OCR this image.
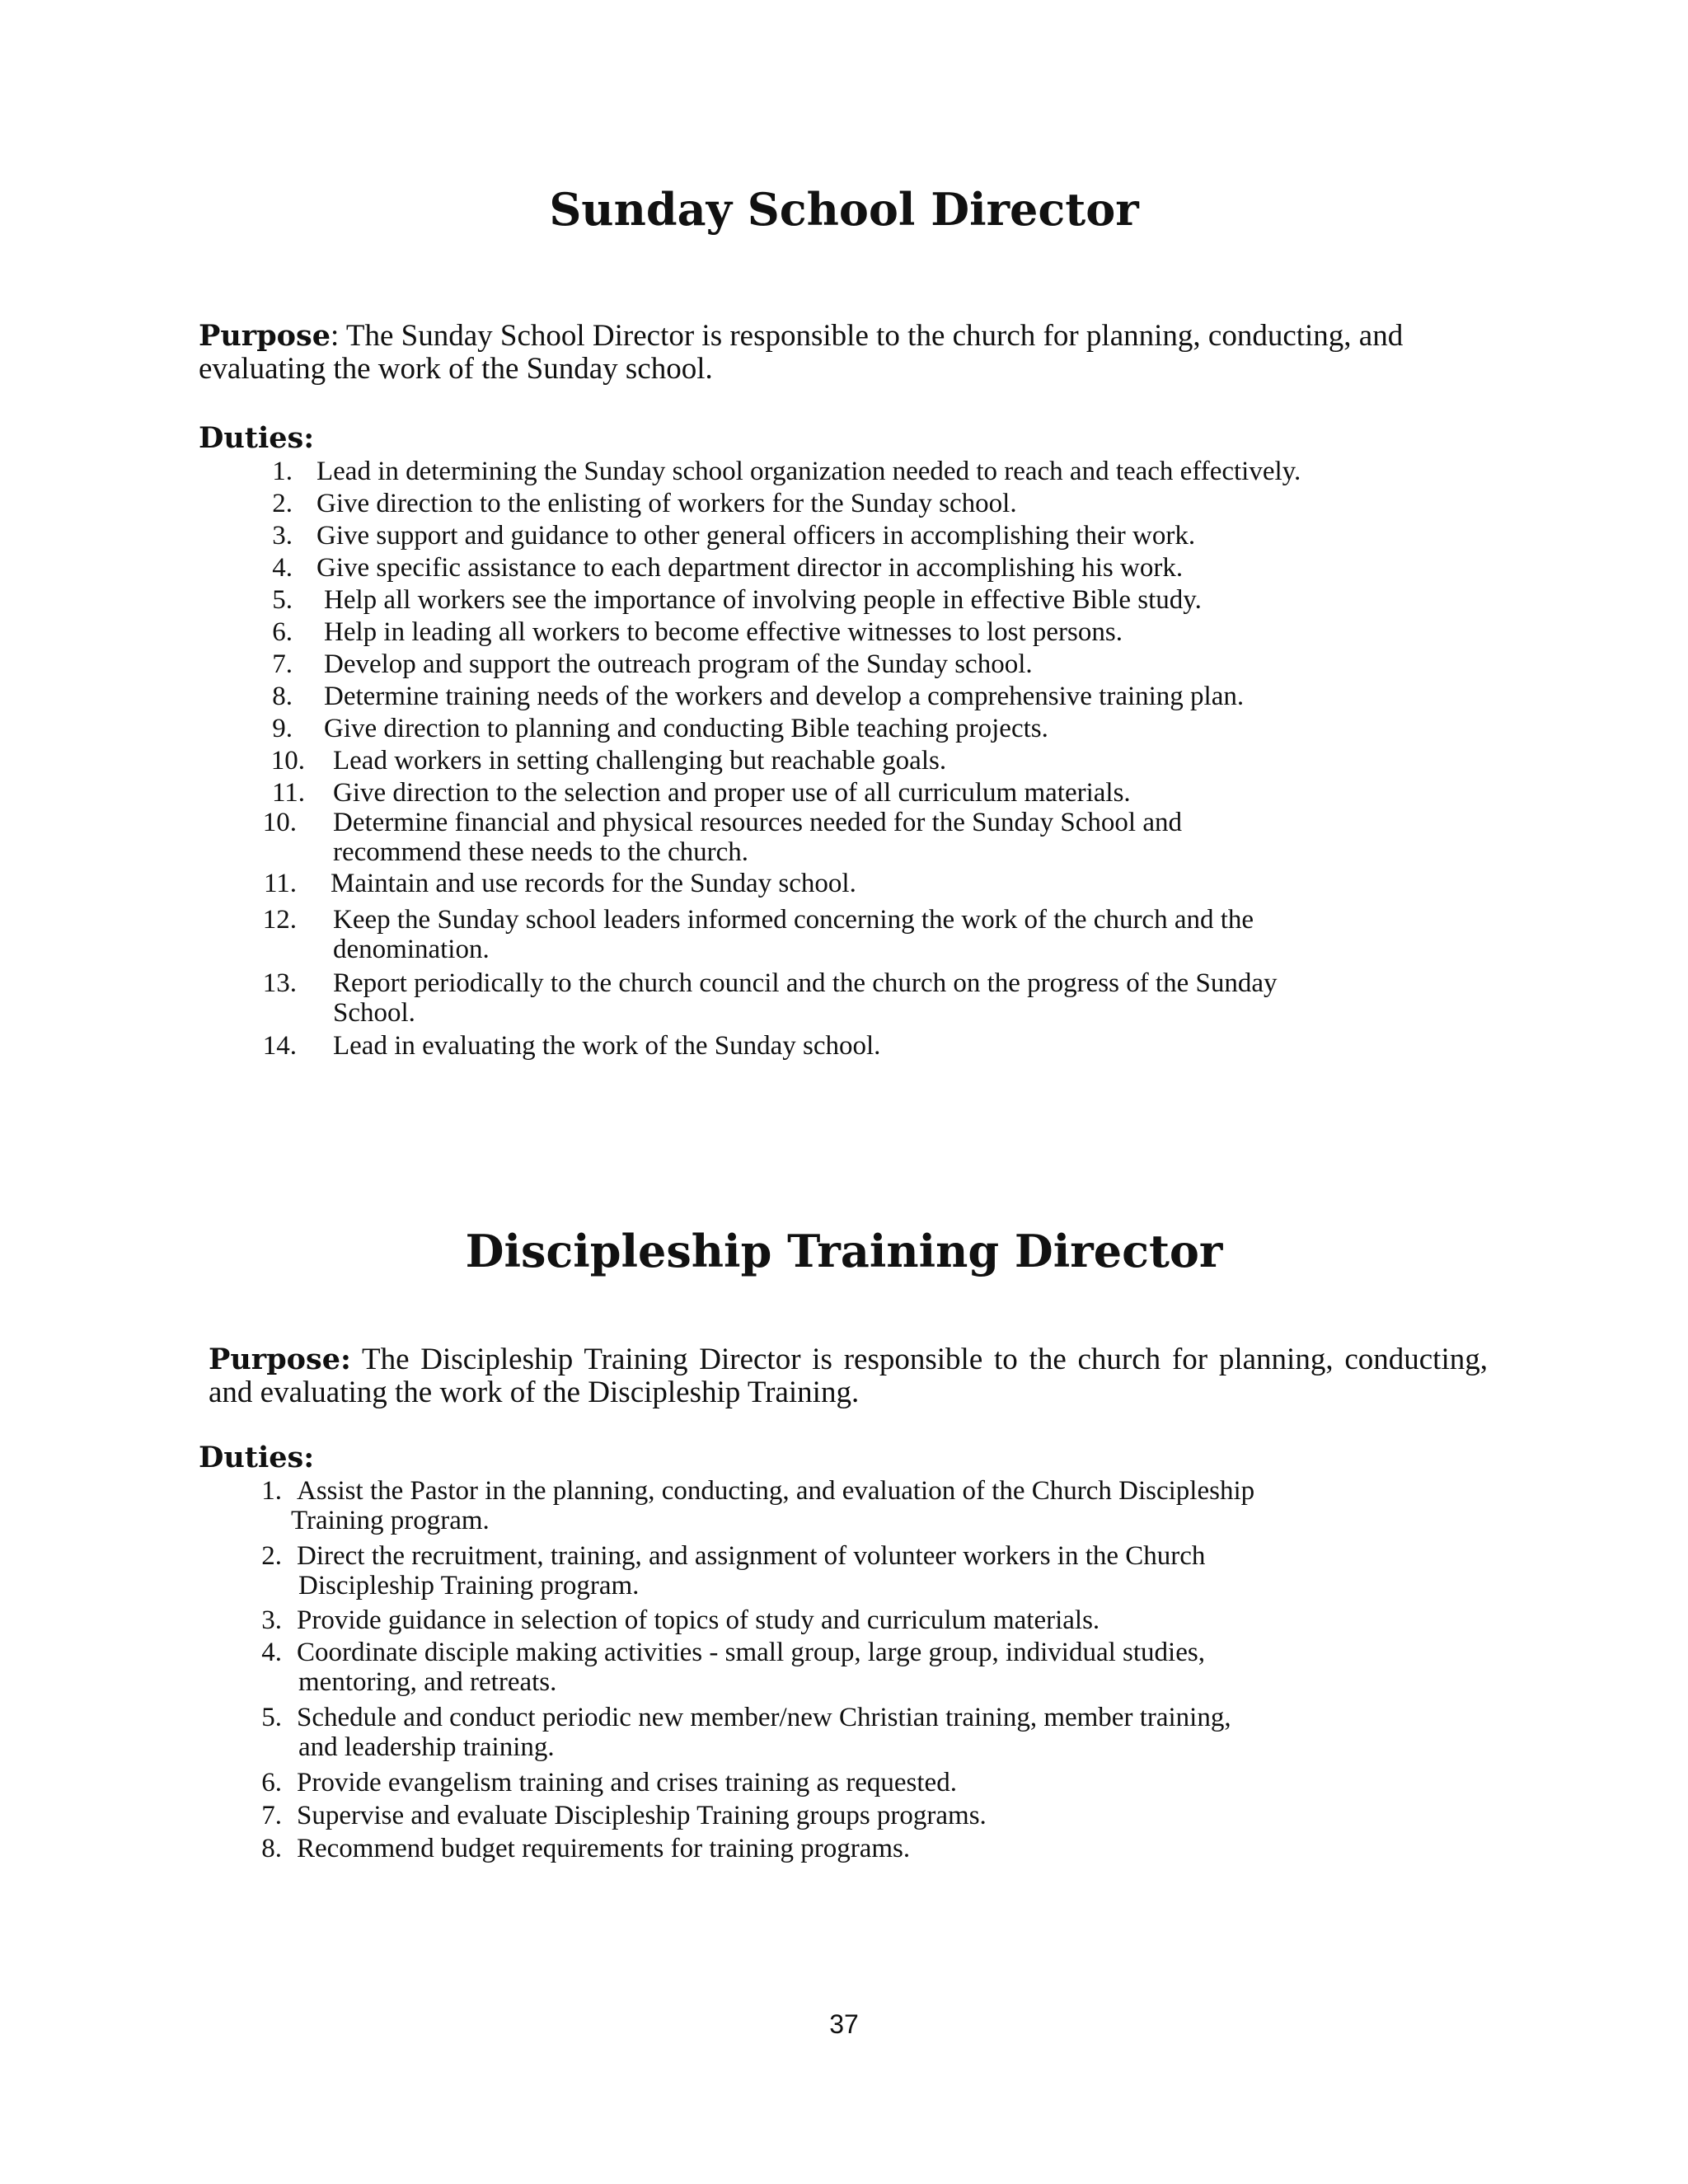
Sunday School Director

Purpose: The Sunday School Director is responsible to the church for planning, conducting, and evaluating the work of the Sunday school.

Duties:

1. Lead in determining the Sunday school organization needed to reach and teach effectively.
2. Give direction to the enlisting of workers for the Sunday school.
3. Give support and guidance to other general officers in accomplishing their work.
4. Give specific assistance to each department director in accomplishing his work.
5. Help all workers see the importance of involving people in effective Bible study.
6. Help in leading all workers to become effective witnesses to lost persons.
7. Develop and support the outreach program of the Sunday school.
8. Determine training needs of the workers and develop a comprehensive training plan.
9. Give direction to planning and conducting Bible teaching projects.
10. Lead workers in setting challenging but reachable goals.
11. Give direction to the selection and proper use of all curriculum materials.
10. Determine financial and physical resources needed for the Sunday School and
recommend these needs to the church.
11. Maintain and use records for the Sunday school.
12. Keep the Sunday school leaders informed concerning the work of the church and the
denomination.
13. Report periodically to the church council and the church on the progress of the Sunday
School.
14. Lead in evaluating the work of the Sunday school.
Discipleship Training Director

Purpose: The Discipleship Training Director is responsible to the church for planning, conducting, and evaluating the work of the Discipleship Training.

Duties:

1. Assist the Pastor in the planning, conducting, and evaluation of the Church Discipleship
Training program.
2. Direct the recruitment, training, and assignment of volunteer workers in the Church
Discipleship Training program.
3. Provide guidance in selection of topics of study and curriculum materials.
4. Coordinate disciple making activities - small group, large group, individual studies,
mentoring, and retreats.
5. Schedule and conduct periodic new member/new Christian training, member training,
and leadership training.
6. Provide evangelism training and crises training as requested.
7. Supervise and evaluate Discipleship Training groups programs.
8. Recommend budget requirements for training programs.
37
